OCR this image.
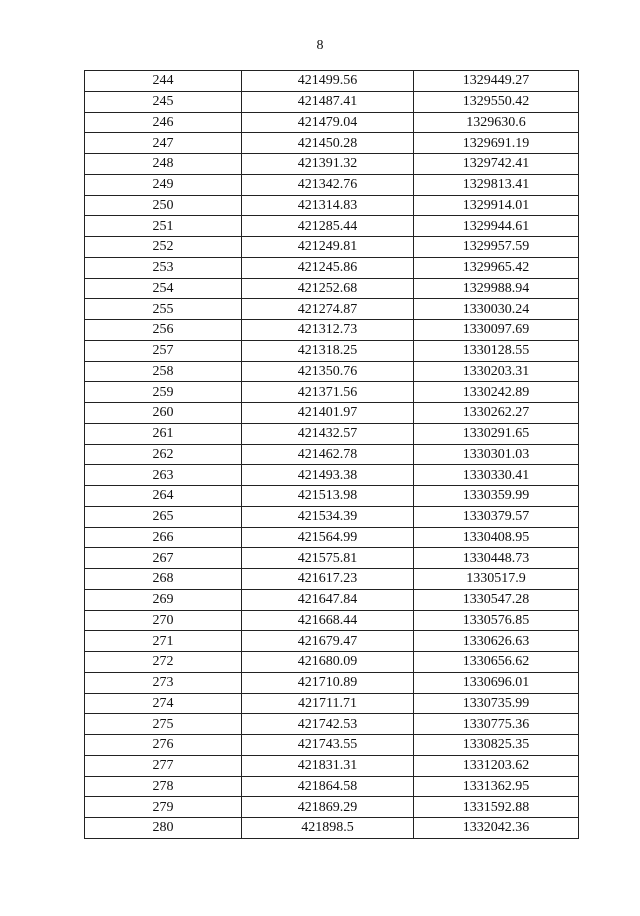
8
244	421499.56	1329449.27
245	421487.41	1329550.42
246	421479.04	1329630.6
247	421450.28	1329691.19
248	421391.32	1329742.41
249	421342.76	1329813.41
250	421314.83	1329914.01
251	421285.44	1329944.61
252	421249.81	1329957.59
253	421245.86	1329965.42
254	421252.68	1329988.94
255	421274.87	1330030.24
256	421312.73	1330097.69
257	421318.25	1330128.55
258	421350.76	1330203.31
259	421371.56	1330242.89
260	421401.97	1330262.27
261	421432.57	1330291.65
262	421462.78	1330301.03
263	421493.38	1330330.41
264	421513.98	1330359.99
265	421534.39	1330379.57
266	421564.99	1330408.95
267	421575.81	1330448.73
268	421617.23	1330517.9
269	421647.84	1330547.28
270	421668.44	1330576.85
271	421679.47	1330626.63
272	421680.09	1330656.62
273	421710.89	1330696.01
274	421711.71	1330735.99
275	421742.53	1330775.36
276	421743.55	1330825.35
277	421831.31	1331203.62
278	421864.58	1331362.95
279	421869.29	1331592.88
280	421898.5	1332042.36
